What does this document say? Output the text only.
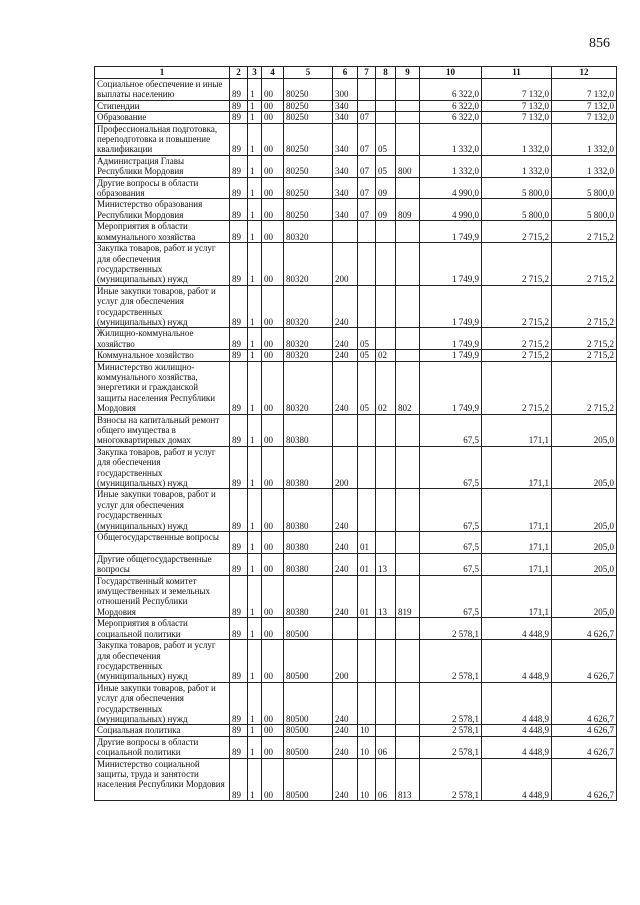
856
1	2	3	4	5	6	7	8	9	10	11	12
Социальное обеспечение и иные выплаты населению	89	1	00	80250	300				6 322,0	7 132,0	7 132,0
Стипендии	89	1	00	80250	340				6 322,0	7 132,0	7 132,0
Образование	89	1	00	80250	340	07			6 322,0	7 132,0	7 132,0
Профессиональная подготовка, переподготовка и повышение квалификации	89	1	00	80250	340	07	05		1 332,0	1 332,0	1 332,0
Администрация Главы Республики Мордовия	89	1	00	80250	340	07	05	800	1 332,0	1 332,0	1 332,0
Другие вопросы в области образования	89	1	00	80250	340	07	09		4 990,0	5 800,0	5 800,0
Министерство образования Республики Мордовия	89	1	00	80250	340	07	09	809	4 990,0	5 800,0	5 800,0
Мероприятия в области коммунального хозяйства	89	1	00	80320					1 749,9	2 715,2	2 715,2
Закупка товаров, работ и услуг для обеспечения государственных (муниципальных) нужд	89	1	00	80320	200				1 749,9	2 715,2	2 715,2
Иные закупки товаров, работ и услуг для обеспечения государственных (муниципальных) нужд	89	1	00	80320	240				1 749,9	2 715,2	2 715,2
Жилищно-коммунальное хозяйство	89	1	00	80320	240	05			1 749,9	2 715,2	2 715,2
Коммунальное хозяйство	89	1	00	80320	240	05	02		1 749,9	2 715,2	2 715,2
Министерство жилищно-коммунального хозяйства, энергетики и гражданской защиты населения Республики Мордовия	89	1	00	80320	240	05	02	802	1 749,9	2 715,2	2 715,2
Взносы на капитальный ремонт общего имущества в многоквартирных домах	89	1	00	80380					67,5	171,1	205,0
Закупка товаров, работ и услуг для обеспечения государственных (муниципальных) нужд	89	1	00	80380	200				67,5	171,1	205,0
Иные закупки товаров, работ и услуг для обеспечения государственных (муниципальных) нужд	89	1	00	80380	240				67,5	171,1	205,0
Общегосударственные вопросы	89	1	00	80380	240	01			67,5	171,1	205,0
Другие общегосударственные вопросы	89	1	00	80380	240	01	13		67,5	171,1	205,0
Государственный комитет имущественных и земельных отношений Республики Мордовия	89	1	00	80380	240	01	13	819	67,5	171,1	205,0
Мероприятия в области социальной политики	89	1	00	80500					2 578,1	4 448,9	4 626,7
Закупка товаров, работ и услуг для обеспечения государственных (муниципальных) нужд	89	1	00	80500	200				2 578,1	4 448,9	4 626,7
Иные закупки товаров, работ и услуг для обеспечения государственных (муниципальных) нужд	89	1	00	80500	240				2 578,1	4 448,9	4 626,7
Социальная политика	89	1	00	80500	240	10			2 578,1	4 448,9	4 626,7
Другие вопросы в области социальной политики	89	1	00	80500	240	10	06		2 578,1	4 448,9	4 626,7
Министерство социальной защиты, труда и занятости населения Республики Мордовия	89	1	00	80500	240	10	06	813	2 578,1	4 448,9	4 626,7
